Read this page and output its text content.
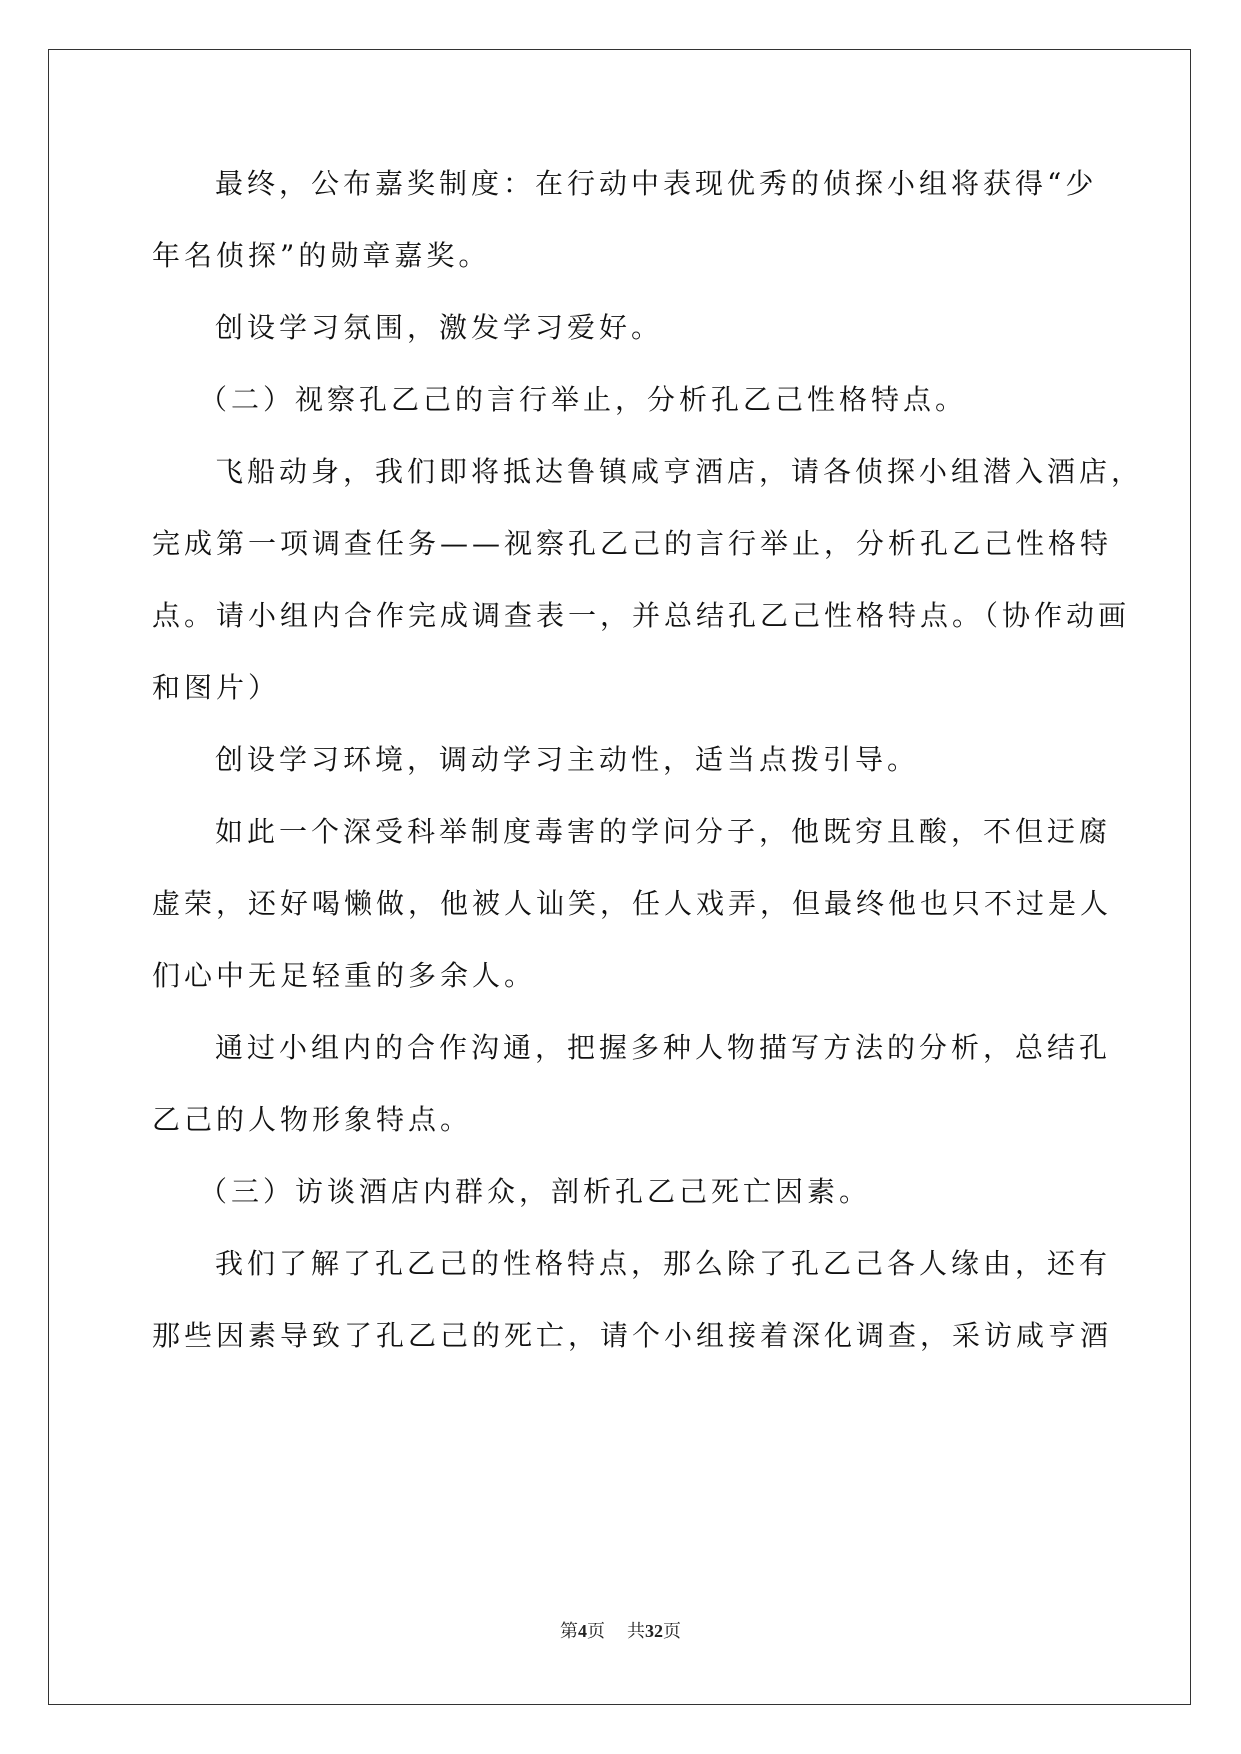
最终，公布嘉奖制度：在行动中表现优秀的侦探小组将获得“少
年名侦探”的勋章嘉奖。
创设学习氛围，激发学习爱好。
（二）视察孔乙己的言行举止，分析孔乙己性格特点。
飞船动身，我们即将抵达鲁镇咸亨酒店，请各侦探小组潜入酒店，
完成第一项调查任务——视察孔乙己的言行举止，分析孔乙己性格特
点。请小组内合作完成调查表一，并总结孔乙己性格特点。（协作动画
和图片）
创设学习环境，调动学习主动性，适当点拨引导。
如此一个深受科举制度毒害的学问分子，他既穷且酸，不但迂腐
虚荣，还好喝懒做，他被人讪笑，任人戏弄，但最终他也只不过是人
们心中无足轻重的多余人。
通过小组内的合作沟通，把握多种人物描写方法的分析，总结孔
乙己的人物形象特点。
（三）访谈酒店内群众，剖析孔乙己死亡因素。
我们了解了孔乙己的性格特点，那么除了孔乙己各人缘由，还有
那些因素导致了孔乙己的死亡，请个小组接着深化调查，采访咸亨酒
第4页 共32页
